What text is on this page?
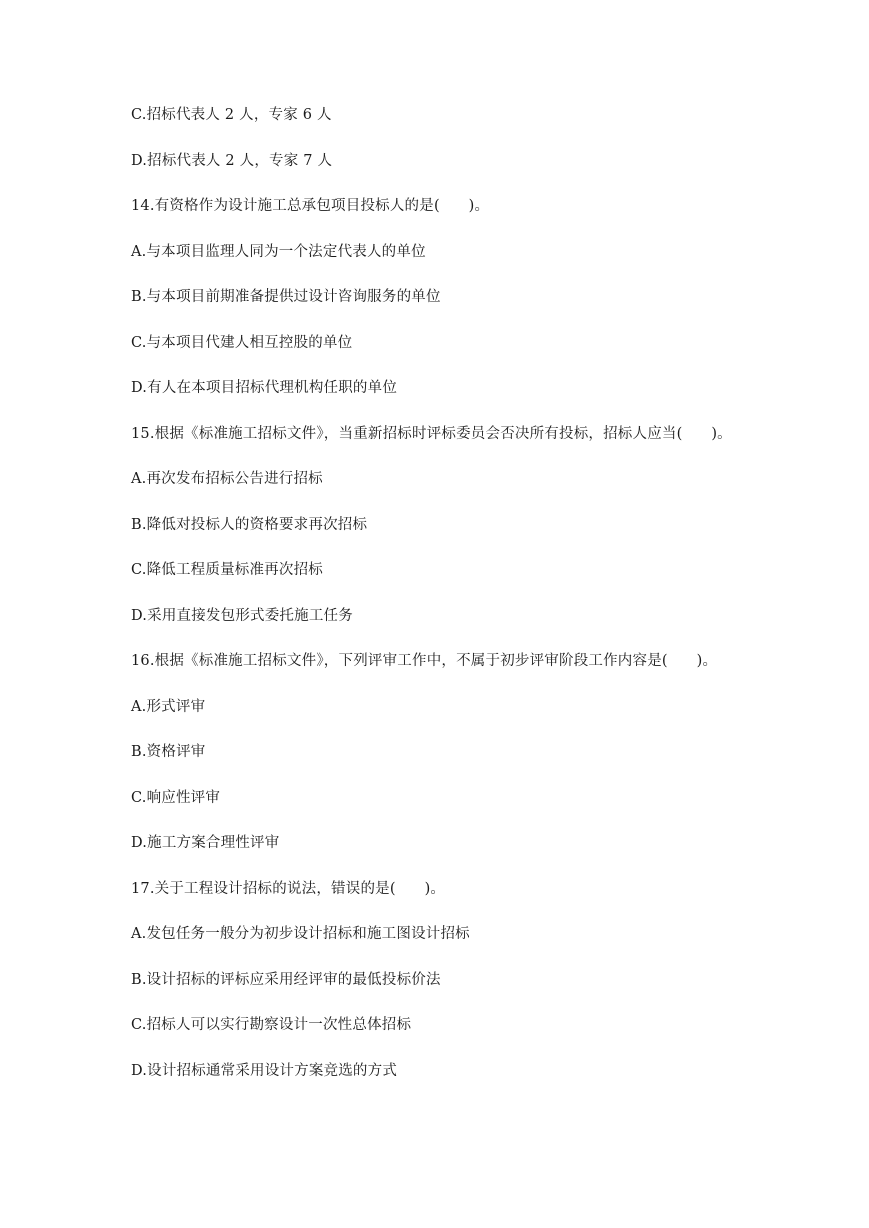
C.招标代表人 2 人，专家 6 人
D.招标代表人 2 人，专家 7 人
14.有资格作为设计施工总承包项目投标人的是(      )。
A.与本项目监理人同为一个法定代表人的单位
B.与本项目前期准备提供过设计咨询服务的单位
C.与本项目代建人相互控股的单位
D.有人在本项目招标代理机构任职的单位
15.根据《标准施工招标文件》，当重新招标时评标委员会否决所有投标，招标人应当(      )。
A.再次发布招标公告进行招标
B.降低对投标人的资格要求再次招标
C.降低工程质量标准再次招标
D.采用直接发包形式委托施工任务
16.根据《标准施工招标文件》，下列评审工作中，不属于初步评审阶段工作内容是(      )。
A.形式评审
B.资格评审
C.响应性评审
D.施工方案合理性评审
17.关于工程设计招标的说法，错误的是(      )。
A.发包任务一般分为初步设计招标和施工图设计招标
B.设计招标的评标应采用经评审的最低投标价法
C.招标人可以实行勘察设计一次性总体招标
D.设计招标通常采用设计方案竞选的方式
